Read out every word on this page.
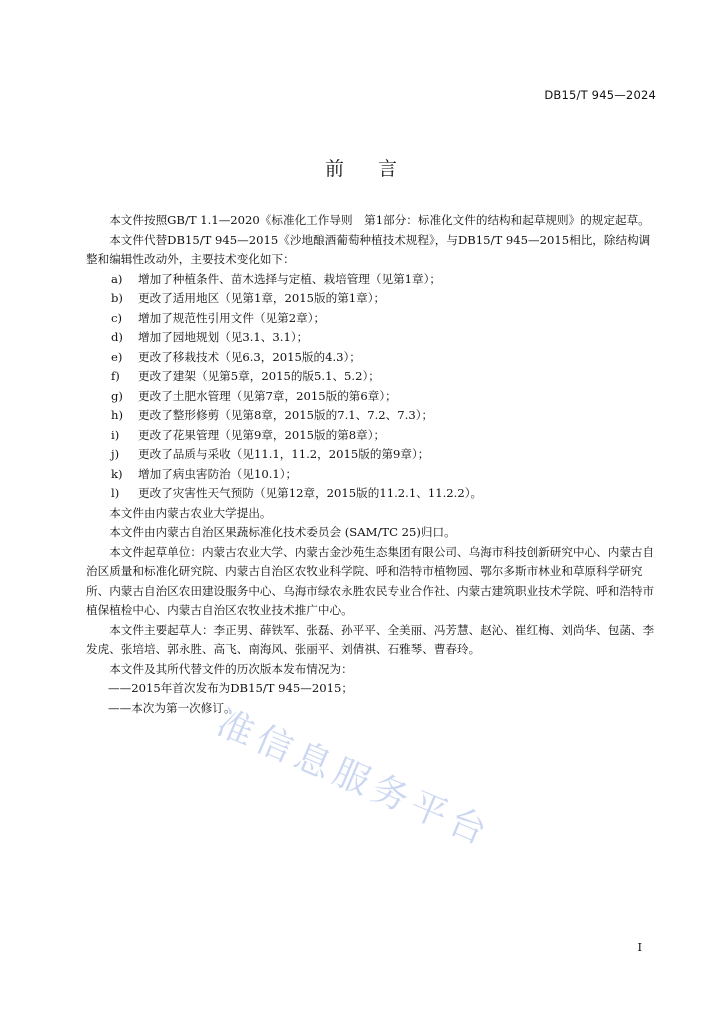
DB15/T 945—2024
前 言

本文件按照GB/T 1.1—2020《标准化工作导则　第1部分：标准化文件的结构和起草规则》的规定起草。

本文件代替DB15/T 945—2015《沙地酿酒葡萄种植技术规程》，与DB15/T 945—2015相比，除结构调整和编辑性改动外，主要技术变化如下：

a) 增加了种植条件、苗木选择与定植、栽培管理（见第1章）；

b) 更改了适用地区（见第1章，2015版的第1章）；

c) 增加了规范性引用文件（见第2章）；

d) 增加了园地规划（见3.1、3.1）；

e) 更改了移栽技术（见6.3，2015版的4.3）；

f) 更改了建架（见第5章，2015的版5.1、5.2）；

g) 更改了土肥水管理（见第7章，2015版的第6章）；

h) 更改了整形修剪（见第8章，2015版的7.1、7.2、7.3）；

i) 更改了花果管理（见第9章，2015版的第8章）；

j) 更改了品质与采收（见11.1，11.2，2015版的第9章）；

k) 增加了病虫害防治（见10.1）；

l) 更改了灾害性天气预防（见第12章，2015版的11.2.1、11.2.2）。

本文件由内蒙古农业大学提出。

本文件由内蒙古自治区果蔬标准化技术委员会 (SAM/TC 25)归口。

本文件起草单位：内蒙古农业大学、内蒙古金沙苑生态集团有限公司、乌海市科技创新研究中心、内蒙古自治区质量和标准化研究院、内蒙古自治区农牧业科学院、呼和浩特市植物园、鄂尔多斯市林业和草原科学研究所、内蒙古自治区农田建设服务中心、乌海市绿农永胜农民专业合作社、内蒙古建筑职业技术学院、呼和浩特市植保植检中心、内蒙古自治区农牧业技术推广中心。

本文件主要起草人：李正男、薛铁军、张磊、孙平平、全美丽、冯芳慧、赵沁、崔红梅、刘尚华、包菡、李发虎、张培培、郭永胜、高飞、南海风、张丽平、刘倩祺、石雅琴、曹春玲。

本文件及其所代替文件的历次版本发布情况为：

——2015年首次发布为DB15/T 945—2015；

——本次为第一次修订。

准信息服务平台
I
